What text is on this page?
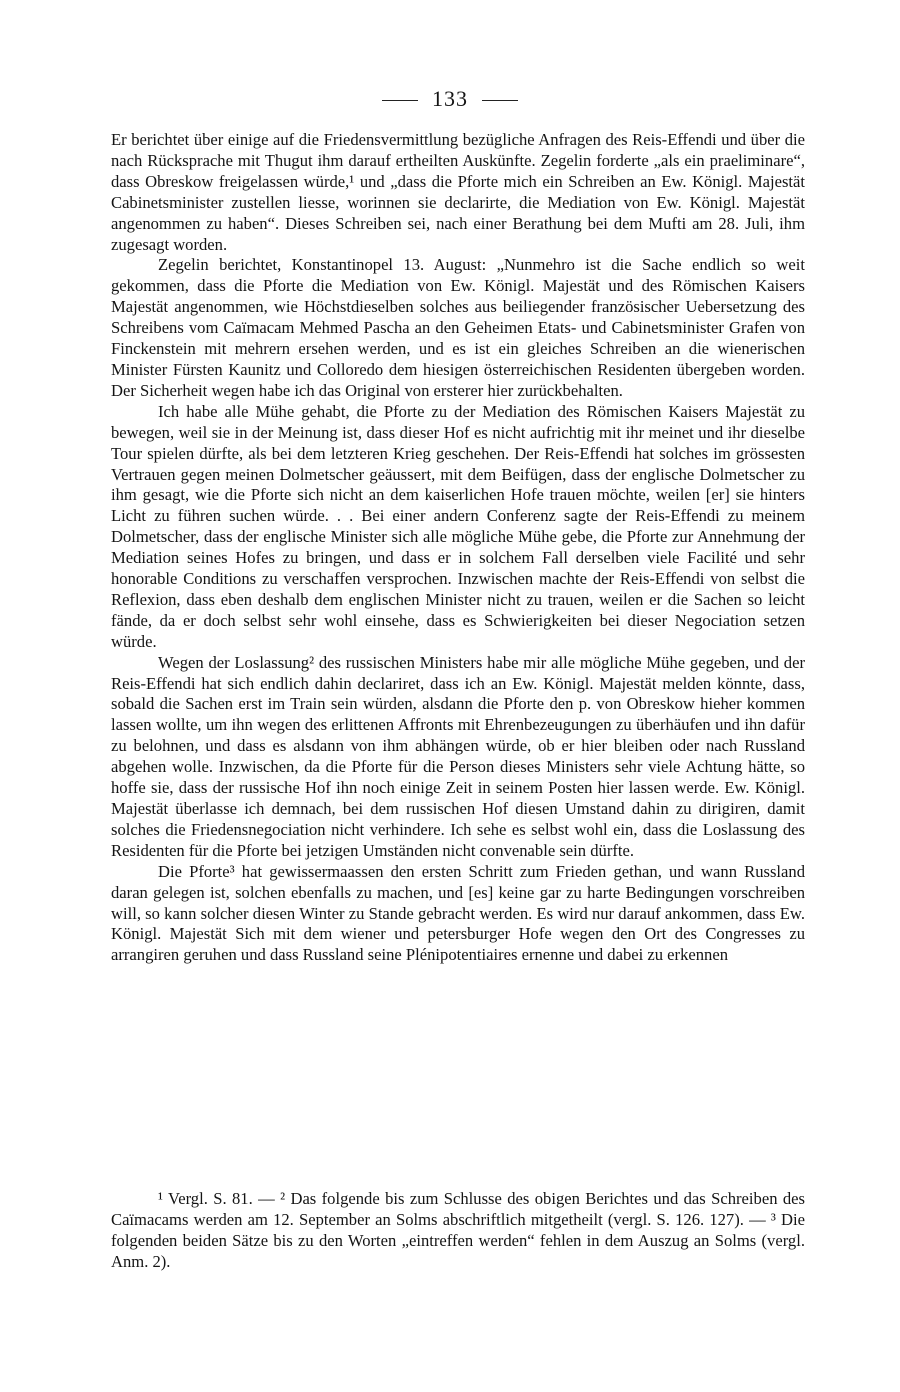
133

Er berichtet über einige auf die Friedensvermittlung bezügliche Anfragen des Reis-Effendi und über die nach Rücksprache mit Thugut ihm darauf ertheilten Auskünfte. Zegelin forderte „als ein praeliminare“, dass Obreskow freigelassen würde,¹ und „dass die Pforte mich ein Schreiben an Ew. Königl. Majestät Cabinetsminister zustellen liesse, worinnen sie declarirte, die Mediation von Ew. Königl. Majestät angenommen zu haben“. Dieses Schreiben sei, nach einer Berathung bei dem Mufti am 28. Juli, ihm zugesagt worden.

Zegelin berichtet, Konstantinopel 13. August: „Nunmehro ist die Sache endlich so weit gekommen, dass die Pforte die Mediation von Ew. Königl. Majestät und des Römischen Kaisers Majestät angenommen, wie Höchstdieselben solches aus beiliegender französischer Uebersetzung des Schreibens vom Caïmacam Mehmed Pascha an den Geheimen Etats- und Cabinetsminister Grafen von Finckenstein mit mehrern ersehen werden, und es ist ein gleiches Schreiben an die wienerischen Minister Fürsten Kaunitz und Colloredo dem hiesigen österreichischen Residenten übergeben worden. Der Sicherheit wegen habe ich das Original von ersterer hier zurückbehalten.

Ich habe alle Mühe gehabt, die Pforte zu der Mediation des Römischen Kaisers Majestät zu bewegen, weil sie in der Meinung ist, dass dieser Hof es nicht aufrichtig mit ihr meinet und ihr dieselbe Tour spielen dürfte, als bei dem letzteren Krieg geschehen. Der Reis-Effendi hat solches im grössesten Vertrauen gegen meinen Dolmetscher geäussert, mit dem Beifügen, dass der englische Dolmetscher zu ihm gesagt, wie die Pforte sich nicht an dem kaiserlichen Hofe trauen möchte, weilen [er] sie hinters Licht zu führen suchen würde. . . Bei einer andern Conferenz sagte der Reis-Effendi zu meinem Dolmetscher, dass der englische Minister sich alle mögliche Mühe gebe, die Pforte zur Annehmung der Mediation seines Hofes zu bringen, und dass er in solchem Fall derselben viele Facilité und sehr honorable Conditions zu verschaffen versprochen. Inzwischen machte der Reis-Effendi von selbst die Reflexion, dass eben deshalb dem englischen Minister nicht zu trauen, weilen er die Sachen so leicht fände, da er doch selbst sehr wohl einsehe, dass es Schwierigkeiten bei dieser Negociation setzen würde.

Wegen der Loslassung² des russischen Ministers habe mir alle mögliche Mühe gegeben, und der Reis-Effendi hat sich endlich dahin declariret, dass ich an Ew. Königl. Majestät melden könnte, dass, sobald die Sachen erst im Train sein würden, alsdann die Pforte den p. von Obreskow hieher kommen lassen wollte, um ihn wegen des erlittenen Affronts mit Ehrenbezeugungen zu überhäufen und ihn dafür zu belohnen, und dass es alsdann von ihm abhängen würde, ob er hier bleiben oder nach Russland abgehen wolle. Inzwischen, da die Pforte für die Person dieses Ministers sehr viele Achtung hätte, so hoffe sie, dass der russische Hof ihn noch einige Zeit in seinem Posten hier lassen werde. Ew. Königl. Majestät überlasse ich demnach, bei dem russischen Hof diesen Umstand dahin zu dirigiren, damit solches die Friedensnegociation nicht verhindere. Ich sehe es selbst wohl ein, dass die Loslassung des Residenten für die Pforte bei jetzigen Umständen nicht convenable sein dürfte.

Die Pforte³ hat gewissermaassen den ersten Schritt zum Frieden gethan, und wann Russland daran gelegen ist, solchen ebenfalls zu machen, und [es] keine gar zu harte Bedingungen vorschreiben will, so kann solcher diesen Winter zu Stande gebracht werden. Es wird nur darauf ankommen, dass Ew. Königl. Majestät Sich mit dem wiener und petersburger Hofe wegen den Ort des Congresses zu arrangiren geruhen und dass Russland seine Plénipotentiaires ernenne und dabei zu erkennen

¹ Vergl. S. 81. — ² Das folgende bis zum Schlusse des obigen Berichtes und das Schreiben des Caïmacams werden am 12. September an Solms abschriftlich mitgetheilt (vergl. S. 126. 127). — ³ Die folgenden beiden Sätze bis zu den Worten „eintreffen werden“ fehlen in dem Auszug an Solms (vergl. Anm. 2).
